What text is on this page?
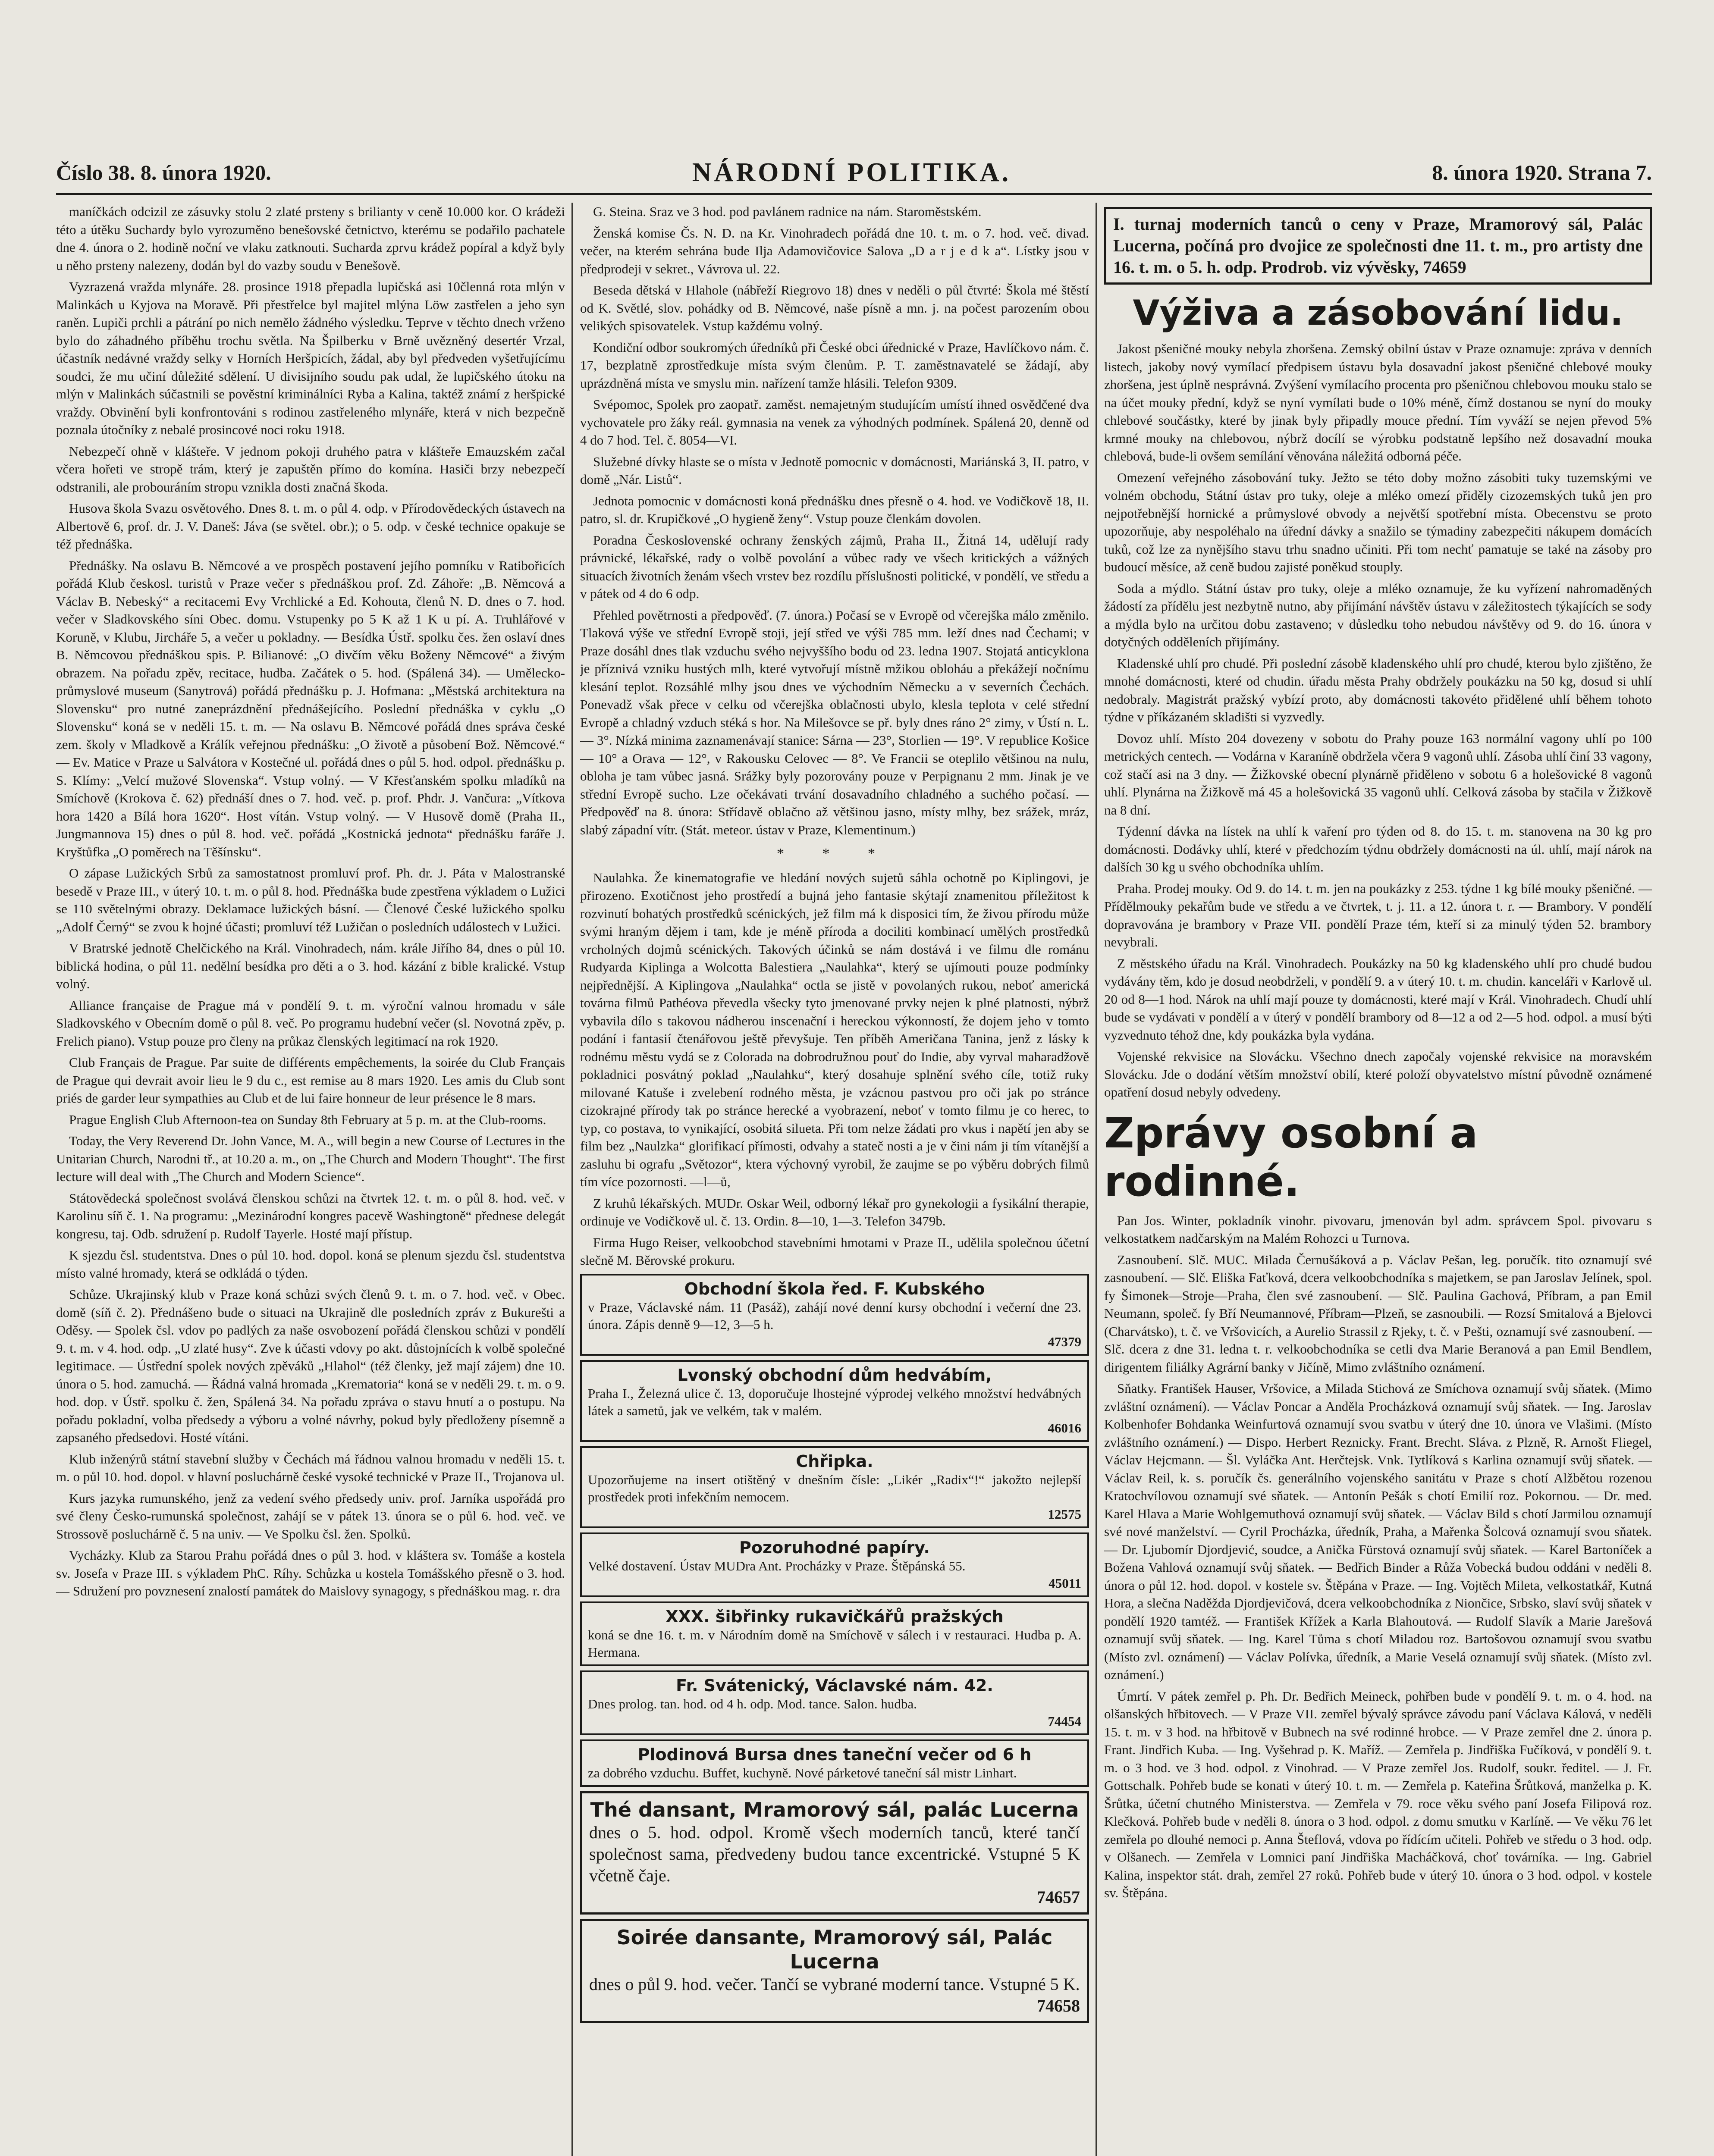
Číslo 38. 8. února 1920.	NÁRODNÍ POLITIKA.	8. února 1920. Strana 7.

maníčkách odcizil ze zásuvky stolu 2 zlaté prsteny s brilianty v ceně 10.000 kor. O krádeži této a útěku Suchardy bylo vyrozuměno benešovské četnictvo, kterému se podařilo pachatele dne 4. února o 2. hodině noční ve vlaku zatknouti. Sucharda zprvu krádež popíral a když byly u něho prsteny nalezeny, dodán byl do vazby soudu v Benešově.

Vyzrazená vražda mlynáře. 28. prosince 1918 přepadla lupičská asi 10členná rota mlýn v Malinkách u Kyjova na Moravě. Při přestřelce byl majitel mlýna Löw zastřelen a jeho syn raněn. Lupiči prchli a pátrání po nich nemělo žádného výsledku. Teprve v těchto dnech vrženo bylo do záhadného příběhu trochu světla. Na Špilberku v Brně uvězněný desertér Vrzal, účastník nedávné vraždy selky v Horních Heršpicích, žádal, aby byl předveden vyšetřujícímu soudci, že mu učiní důležité sdělení. U divisijního soudu pak udal, že lupičského útoku na mlýn v Malinkách súčastnili se pověstní kriminálníci Ryba a Kalina, taktéž známí z heršpické vraždy. Obvinění byli konfrontováni s rodinou zastřeleného mlynáře, která v nich bezpečně poznala útočníky z nebalé prosincové noci roku 1918.

Nebezpečí ohně v klášteře. V jednom pokoji druhého patra v klášteře Emauzském začal včera hořeti ve stropě trám, který je zapuštěn přímo do komína. Hasiči brzy nebezpečí odstranili, ale probouráním stropu vznikla dosti značná škoda.

Husova škola Svazu osvětového. Dnes 8. t. m. o půl 4. odp. v Přírodovědeckých ústavech na Albertově 6, prof. dr. J. V. Daneš: Jáva (se světel. obr.); o 5. odp. v české technice opakuje se též přednáška.

Přednášky. Na oslavu B. Němcové a ve prospěch postavení jejího pomníku v Ratibořicích pořádá Klub českosl. turistů v Praze večer s přednáškou prof. Zd. Záhoře: „B. Němcová a Václav B. Nebeský“ a recitacemi Evy Vrchlické a Ed. Kohouta, členů N. D. dnes o 7. hod. večer v Sladkovského síni Obec. domu. Vstupenky po 5 K až 1 K u pí. A. Truhlářové v Koruně, v Klubu, Jircháře 5, a večer u pokladny. — Besídka Ústř. spolku čes. žen oslaví dnes B. Němcovou přednáškou spis. P. Bilianové: „O divčím věku Boženy Němcové“ a živým obrazem. Na pořadu zpěv, recitace, hudba. Začátek o 5. hod. (Spálená 34). — Umělecko-průmyslové museum (Sanytrová) pořádá přednášku p. J. Hofmana: „Městská architektura na Slovensku“ pro nutné zaneprázdnění přednášejícího. Poslední přednáška v cyklu „O Slovensku“ koná se v neděli 15. t. m. — Na oslavu B. Němcové pořádá dnes správa české zem. školy v Mladkově a Králík veřejnou přednášku: „O životě a působení Bož. Němcové.“ — Ev. Matice v Praze u Salvátora v Kostečné ul. pořádá dnes o půl 5. hod. odpol. přednášku p. S. Klímy: „Velcí mužové Slovenska“. Vstup volný. — V Křesťanském spolku mladíků na Smíchově (Krokova č. 62) přednáší dnes o 7. hod. več. p. prof. Phdr. J. Vančura: „Vítkova hora 1420 a Bílá hora 1620“. Host vítán. Vstup volný. — V Husově domě (Praha II., Jungmannova 15) dnes o půl 8. hod. več. pořádá „Kostnická jednota“ přednášku faráře J. Kryštůfka „O poměrech na Těšínsku“.

O zápase Lužických Srbů za samostatnost promluví prof. Ph. dr. J. Páta v Malostranské besedě v Praze III., v úterý 10. t. m. o půl 8. hod. Přednáška bude zpestřena výkladem o Lužici se 110 světelnými obrazy. Deklamace lužických básní. — Členové České lužického spolku „Adolf Černý“ se zvou k hojné účasti; promluví též Lužičan o posledních událostech v Lužici.

V Bratrské jednotě Chelčického na Král. Vinohradech, nám. krále Jiřího 84, dnes o půl 10. biblická hodina, o půl 11. nedělní besídka pro děti a o 3. hod. kázání z bible kralické. Vstup volný.

Alliance française de Prague má v pondělí 9. t. m. výroční valnou hromadu v sále Sladkovského v Obecním domě o půl 8. več. Po programu hudební večer (sl. Novotná zpěv, p. Frelich piano). Vstup pouze pro členy na průkaz členských legitimací na rok 1920.

Club Français de Prague. Par suite de différents empêchements, la soirée du Club Français de Prague qui devrait avoir lieu le 9 du c., est remise au 8 mars 1920. Les amis du Club sont priés de garder leur sympathies au Club et de lui faire honneur de leur présence le 8 mars.

Prague English Club Afternoon-tea on Sunday 8th February at 5 p. m. at the Club-rooms.

Today, the Very Reverend Dr. John Vance, M. A., will begin a new Course of Lectures in the Unitarian Church, Narodni tř., at 10.20 a. m., on „The Church and Modern Thought“. The first lecture will deal with „The Church and Modern Science“.

Státovědecká společnost svolává členskou schůzi na čtvrtek 12. t. m. o půl 8. hod. več. v Karolinu síň č. 1. Na programu: „Mezinárodní kongres pacevě Washingtoně“ přednese delegát kongresu, taj. Odb. sdružení p. Rudolf Tayerle. Hosté mají přístup.

K sjezdu čsl. studentstva. Dnes o půl 10. hod. dopol. koná se plenum sjezdu čsl. studentstva místo valné hromady, která se odkládá o týden.

Schůze. Ukrajinský klub v Praze koná schůzi svých členů 9. t. m. o 7. hod. več. v Obec. domě (síň č. 2). Přednášeno bude o situaci na Ukrajině dle posledních zpráv z Bukurešti a Oděsy. — Spolek čsl. vdov po padlých za naše osvobození pořádá členskou schůzi v pondělí 9. t. m. v 4. hod. odp. „U zlaté husy“. Zve k účasti vdovy po akt. důstojnících k volbě společné legitimace. — Ústřední spolek nových zpěváků „Hlahol“ (též členky, jež mají zájem) dne 10. února o 5. hod. zamuchá. — Řádná valná hromada „Krematoria“ koná se v neděli 29. t. m. o 9. hod. dop. v Ústř. spolku č. žen, Spálená 34. Na pořadu zpráva o stavu hnutí a o postupu. Na pořadu pokladní, volba předsedy a výboru a volné návrhy, pokud byly předloženy písemně a zapsaného předsedovi. Hosté vítáni.

Klub inženýrů státní stavební služby v Čechách má řádnou valnou hromadu v neděli 15. t. m. o půl 10. hod. dopol. v hlavní posluchárně české vysoké technické v Praze II., Trojanova ul.

Kurs jazyka rumunského, jenž za vedení svého předsedy univ. prof. Jarníka uspořádá pro své členy Česko-rumunská společnost, zahájí se v pátek 13. února se o půl 6. hod. več. ve Strossově posluchárně č. 5 na univ. — Ve Spolku čsl. žen. Spolků.

Vycházky. Klub za Starou Prahu pořádá dnes o půl 3. hod. v kláštera sv. Tomáše a kostela sv. Josefa v Praze III. s výkladem PhC. Ríhy. Schůzka u kostela Tomášského přesně o 3. hod. — Sdružení pro povznesení znalostí památek do Maislovy synagogy, s přednáškou mag. r. dra

G. Steina. Sraz ve 3 hod. pod pavlánem radnice na nám. Staroměstském.

Ženská komise Čs. N. D. na Kr. Vinohradech pořádá dne 10. t. m. o 7. hod. več. divad. večer, na kterém sehrána bude Ilja Adamovičovice Salova „D a r j e d k a“. Lístky jsou v předprodeji v sekret., Vávrova ul. 22.

Beseda dětská v Hlahole (nábřeží Riegrovo 18) dnes v neděli o půl čtvrté: Škola mé štěstí od K. Světlé, slov. pohádky od B. Němcové, naše písně a mn. j. na počest parozením obou velikých spisovatelek. Vstup každému volný.

Kondiční odbor soukromých úředníků při České obci úřednické v Praze, Havlíčkovo nám. č. 17, bezplatně zprostředkuje místa svým členům. P. T. zaměstnavatelé se žádají, aby uprázdněná místa ve smyslu min. nařízení tamže hlásili. Telefon 9309.

Svépomoc, Spolek pro zaopatř. zaměst. nemajetným studujícím umístí ihned osvědčené dva vychovatele pro žáky reál. gymnasia na venek za výhodných podmínek. Spálená 20, denně od 4 do 7 hod. Tel. č. 8054—VI.

Služebné dívky hlaste se o místa v Jednotě pomocnic v domácnosti, Mariánská 3, II. patro, v domě „Nár. Listů“.

Jednota pomocnic v domácnosti koná přednášku dnes přesně o 4. hod. ve Vodičkově 18, II. patro, sl. dr. Krupičkové „O hygieně ženy“. Vstup pouze členkám dovolen.

Poradna Československé ochrany ženských zájmů, Praha II., Žitná 14, udělují rady právnické, lékařské, rady o volbě povolání a vůbec rady ve všech kritických a vážných situacích životních ženám všech vrstev bez rozdílu příslušnosti politické, v pondělí, ve středu a v pátek od 4 do 6 odp.

Přehled povětrnosti a předpověď. (7. února.) Počasí se v Evropě od včerejška málo změnilo. Tlaková výše ve střední Evropě stoji, její střed ve výši 785 mm. leží dnes nad Čechami; v Praze dosáhl dnes tlak vzduchu svého nejvyššího bodu od 23. ledna 1907. Stojatá anticyklona je příznivá vzniku hustých mlh, které vytvořují místně mžikou obloháu a překážejí nočnímu klesání teplot. Rozsáhlé mlhy jsou dnes ve východním Německu a v severních Čechách. Ponevadž však přece v celku od včerejška oblačnosti ubylo, klesla teplota v celé střední Evropě a chladný vzduch stéká s hor. Na Milešovce se př. byly dnes ráno 2° zimy, v Ústí n. L. — 3°. Nízká minima zaznamenávají stanice: Sárna — 23°, Storlien — 19°. V republice Košice — 10° a Orava — 12°, v Rakousku Celovec — 8°. Ve Francii se oteplilo většinou na nulu, obloha je tam vůbec jasná. Srážky byly pozorovány pouze v Perpignanu 2 mm. Jinak je ve střední Evropě sucho. Lze očekávati trvání dosavadního chladného a suchého počasí. — Předpověď na 8. února: Střídavě oblačno až většinou jasno, místy mlhy, bez srážek, mráz, slabý západní vítr. (Stát. meteor. ústav v Praze, Klementinum.)

* * *

Naulahka. Že kinematografie ve hledání nových sujetů sáhla ochotně po Kiplingovi, je přirozeno. Exotičnost jeho prostředí a bujná jeho fantasie skýtají znamenitou příležitost k rozvinutí bohatých prostředků scénických, jež film má k disposici tím, že živou přírodu může svými hraným dějem i tam, kde je méně příroda a dociliti kombinací umělých prostředků vrcholných dojmů scénických. Takových účinků se nám dostává i ve filmu dle románu Rudyarda Kiplinga a Wolcotta Balestiera „Naulahka“, který se ujímouti pouze podmínky nejpřednější. A Kiplingova „Naulahka“ octla se jistě v povolaných rukou, neboť americká továrna filmů Pathéova převedla všecky tyto jmenované prvky nejen k plné platnosti, nýbrž vybavila dílo s takovou nádherou inscenační i hereckou výkonností, že dojem jeho v tomto podání i fantasií čtenářovou ještě převyšuje. Ten příběh Američana Tanina, jenž z lásky k rodnému městu vydá se z Colorada na dobrodružnou pouť do Indie, aby vyrval maharadžově pokladnici posvátný poklad „Naulahku“, který dosahuje splnění svého cíle, totiž ruky milované Katuše i zvelebení rodného města, je vzácnou pastvou pro oči jak po stránce cizokrajné přírody tak po stránce herecké a vyobrazení, neboť v tomto filmu je co herec, to typ, co postava, to vynikající, osobitá silueta. Při tom nelze žádati pro vkus i napětí jen aby se film bez „Naulzka“ glorifikací přímosti, odvahy a stateč nosti a je v čini nám ji tím vítanější a zasluhu bi ografu „Světozor“, ktera výchovný vyrobil, že zaujme se po výběru dobrých filmů tím více pozornosti. —l—ů,

Z kruhů lékařských. MUDr. Oskar Weil, odborný lékař pro gynekologii a fysikální therapie, ordinuje ve Vodičkově ul. č. 13. Ordin. 8—10, 1—3. Telefon 3479b.

Firma Hugo Reiser, velkoobchod stavebními hmotami v Praze II., udělila společnou účetní slečně M. Běrovské prokuru.

Obchodní škola řed. F. Kubského
v Praze, Václavské nám. 11 (Pasáž), zahájí nové denní kursy obchodní i večerní dne 23. února. Zápis denně 9—12, 3—5 h.
47379
Lvonský obchodní dům hedvábím,
Praha I., Železná ulice č. 13, doporučuje lhostejné výprodej velkého množství hedvábných látek a sametů, jak ve velkém, tak v malém.
46016
Chřipka.
Upozorňujeme na insert otištěný v dnešním čísle: „Likér „Radix“!“ jakožto nejlepší prostředek proti infekčním nemocem.
12575
Pozoruhodné papíry.
Velké dostavení. Ústav MUDra Ant. Procházky v Praze. Štěpánská 55.
45011
XXX. šibřinky rukavičkářů pražských
koná se dne 16. t. m. v Národním domě na Smíchově v sálech i v restauraci. Hudba p. A. Hermana.
Fr. Svátenický, Václavské nám. 42.
Dnes prolog. tan. hod. od 4 h. odp. Mod. tance. Salon. hudba.
74454
Plodinová Bursa dnes taneční večer od 6 h
za dobrého vzduchu. Buffet, kuchyně. Nové párketové taneční sál mistr Linhart.
Thé dansant, Mramorový sál, palác Lucerna
dnes o 5. hod. odpol. Kromě všech moderních tanců, které tančí společnost sama, předvedeny budou tance excentrické. Vstupné 5 K včetně čaje.
74657
Soirée dansante, Mramorový sál, Palác Lucerna
dnes o půl 9. hod. večer. Tančí se vybrané moderní tance. Vstupné 5 K.
74658
I. turnaj moderních tanců o ceny v Praze, Mramorový sál, Palác Lucerna, počíná pro dvojice ze společnosti dne 11. t. m., pro artisty dne 16. t. m. o 5. h. odp. Prodrob. viz vývěsky, 74659
Výživa a zásobování lidu.

Jakost pšeničné mouky nebyla zhoršena. Zemský obilní ústav v Praze oznamuje: zpráva v denních listech, jakoby nový vymílací předpisem ústavu byla dosavadní jakost pšeničné chlebové mouky zhoršena, jest úplně nesprávná. Zvýšení vymílacího procenta pro pšeničnou chlebovou mouku stalo se na účet mouky přední, když se nyní vymílati bude o 10% méně, čímž dostanou se nyní do mouky chlebové součástky, které by jinak byly připadly mouce přední. Tím vyváží se nejen převod 5% krmné mouky na chlebovou, nýbrž docílí se výrobku podstatně lepšího než dosavadní mouka chlebová, bude-li ovšem semílání věnována náležitá odborná péče.

Omezení veřejného zásobování tuky. Ježto se této doby možno zásobiti tuky tuzemskými ve volném obchodu, Státní ústav pro tuky, oleje a mléko omezí přiděly cizozemských tuků jen pro nejpotřebnější hornické a průmyslové obvody a největší spotřební místa. Obecenstvu se proto upozorňuje, aby nespoléhalo na úřední dávky a snažilo se týmadiny zabezpečiti nákupem domácích tuků, což lze za nynějšího stavu trhu snadno učiniti. Při tom nechť pamatuje se také na zásoby pro budoucí měsíce, až ceně budou zajisté poněkud stouply.

Soda a mýdlo. Státní ústav pro tuky, oleje a mléko oznamuje, že ku vyřízení nahromaděných žádostí za přídělu jest nezbytně nutno, aby přijímání návštěv ústavu v záležitostech týkajících se sody a mýdla bylo na určitou dobu zastaveno; v důsledku toho nebudou návštěvy od 9. do 16. února v dotyčných odděleních přijímány.

Kladenské uhlí pro chudé. Při poslední zásobě kladenského uhlí pro chudé, kterou bylo zjištěno, že mnohé domácnosti, které od chudin. úřadu města Prahy obdržely poukázku na 50 kg, dosud si uhlí nedobraly. Magistrát pražský vybízí proto, aby domácnosti takovéto přidělené uhlí během tohoto týdne v příkázaném skladišti si vyzvedly.

Dovoz uhlí. Místo 204 dovezeny v sobotu do Prahy pouze 163 normální vagony uhlí po 100 metrických centech. — Vodárna v Karaníně obdržela včera 9 vagonů uhlí. Zásoba uhlí činí 33 vagony, což stačí asi na 3 dny. — Žižkovské obecní plynárně přiděleno v sobotu 6 a holešovické 8 vagonů uhlí. Plynárna na Žižkově má 45 a holešovická 35 vagonů uhlí. Celková zásoba by stačila v Žižkově na 8 dní.

Týdenní dávka na lístek na uhlí k vaření pro týden od 8. do 15. t. m. stanovena na 30 kg pro domácnosti. Dodávky uhlí, které v předchozím týdnu obdržely domácnosti na úl. uhlí, mají nárok na dalších 30 kg u svého obchodníka uhlím.

Praha. Prodej mouky. Od 9. do 14. t. m. jen na poukázky z 253. týdne 1 kg bílé mouky pšeničné. — Přídělmouky pekařům bude ve středu a ve čtvrtek, t. j. 11. a 12. února t. r. — Brambory. V pondělí dopravována je brambory v Praze VII. pondělí Praze tém, kteří si za minulý týden 52. brambory nevybrali.

Z městského úřadu na Král. Vinohradech. Poukázky na 50 kg kladenského uhlí pro chudé budou vydávány těm, kdo je dosud neobdrželi, v pondělí 9. a v úterý 10. t. m. chudin. kanceláři v Karlově ul. 20 od 8—1 hod. Nárok na uhlí mají pouze ty domácnosti, které mají v Král. Vinohradech. Chudí uhlí bude se vydávati v pondělí a v úterý v pondělí brambory od 8—12 a od 2—5 hod. odpol. a musí býti vyzvednuto téhož dne, kdy poukázka byla vydána.

Vojenské rekvisice na Slovácku. Všechno dnech započaly vojenské rekvisice na moravském Slovácku. Jde o dodání větším množství obilí, které položí obyvatelstvo místní původně oznámené opatření dosud nebyly odvedeny.

Zprávy osobní a rodinné.

Pan Jos. Winter, pokladník vinohr. pivovaru, jmenován byl adm. správcem Spol. pivovaru s velkostatkem nadčarským na Malém Rohozci u Turnova.

Zasnoubení. Slč. MUC. Milada Černušáková a p. Václav Pešan, leg. poručík. tito oznamují své zasnoubení. — Slč. Eliška Faťková, dcera velkoobchodníka s majetkem, se pan Jaroslav Jelínek, spol. fy Šimonek—Stroje—Praha, člen své zasnoubení. — Slč. Paulina Gachová, Příbram, a pan Emil Neumann, společ. fy Bří Neumannové, Příbram—Plzeň, se zasnoubili. — Rozsí Smitalová a Bjelovci (Charvátsko), t. č. ve Vršovicích, a Aurelio Strassil z Rjeky, t. č. v Pešti, oznamují své zasnoubení. — Slč. dcera z dne 31. ledna t. r. velkoobchodníka se cetli dva Marie Beranová a pan Emil Bendlem, dirigentem filiálky Agrární banky v Jičíně, Mimo zvláštního oznámení.

Sňatky. František Hauser, Vršovice, a Milada Stichová ze Smíchova oznamují svůj sňatek. (Mimo zvláštní oznámení). — Václav Poncar a Anděla Procházková oznamují svůj sňatek. — Ing. Jaroslav Kolbenhofer Bohdanka Weinfurtová oznamují svou svatbu v úterý dne 10. února ve Vlašimi. (Místo zvláštního oznámení.) — Dispo. Herbert Reznicky. Frant. Brecht. Sláva. z Plzně, R. Arnošt Fliegel, Václav Hejcmann. — Šl. Vyláčka Ant. Herčtejsk. Vnk. Tytlíková s Karlina oznamují svůj sňatek. — Václav Reil, k. s. poručík čs. generálního vojenského sanitátu v Praze s chotí Alžbětou rozenou Kratochvílovou oznamují své sňatek. — Antonín Pešák s chotí Emilií roz. Pokornou. — Dr. med. Karel Hlava a Marie Wohlgemuthová oznamují svůj sňatek. — Václav Bild s chotí Jarmilou oznamují své nové manželství. — Cyril Procházka, úředník, Praha, a Mařenka Šolcová oznamují svou sňatek. — Dr. Ljubomír Djordjević, soudce, a Anička Fürstová oznamují svůj sňatek. — Karel Bartoníček a Božena Vahlová oznamují svůj sňatek. — Bedřich Binder a Růža Vobecká budou oddáni v neděli 8. února o půl 12. hod. dopol. v kostele sv. Štěpána v Praze. — Ing. Vojtěch Mileta, velkostatkář, Kutná Hora, a slečna Naděžda Djordjevičová, dcera velkoobchodníka z Niončice, Srbsko, slaví svůj sňatek v pondělí 1920 tamtéž. — František Křížek a Karla Blahoutová. — Rudolf Slavík a Marie Jarešová oznamují svůj sňatek. — Ing. Karel Tůma s chotí Miladou roz. Bartošovou oznamují svou svatbu (Místo zvl. oznámení) — Václav Polívka, úředník, a Marie Veselá oznamují svůj sňatek. (Místo zvl. oznámení.)

Úmrtí. V pátek zemřel p. Ph. Dr. Bedřich Meineck, pohřben bude v pondělí 9. t. m. o 4. hod. na olšanských hřbitovech. — V Praze VII. zemřel bývalý správce závodu paní Václava Kálová, v neděli 15. t. m. v 3 hod. na hřbitově v Bubnech na své rodinné hrobce. — V Praze zemřel dne 2. února p. Frant. Jindřich Kuba. — Ing. Vyšehrad p. K. Maříž. — Zemřela p. Jindřiška Fučíková, v pondělí 9. t. m. o 3 hod. ve 3 hod. odpol. z Vinohrad. — V Praze zemřel Jos. Rudolf, soukr. ředitel. — J. Fr. Gottschalk. Pohřeb bude se konati v úterý 10. t. m. — Zemřela p. Kateřina Šrůtková, manželka p. K. Šrůtka, účetní chutného Ministerstva. — Zemřela v 79. roce věku svého paní Josefa Filipová roz. Klečková. Pohřeb bude v neděli 8. února o 3 hod. odpol. z domu smutku v Karlíně. — Ve věku 76 let zemřela po dlouhé nemoci p. Anna Šteflová, vdova po řídícím učiteli. Pohřeb ve středu o 3 hod. odp. v Olšanech. — Zemřela v Lomnici paní Jindřiška Macháčková, choť továrníka. — Ing. Gabriel Kalina, inspektor stát. drah, zemřel 27 roků. Pohřeb bude v úterý 10. února o 3 hod. odpol. v kostele sv. Štěpána.
